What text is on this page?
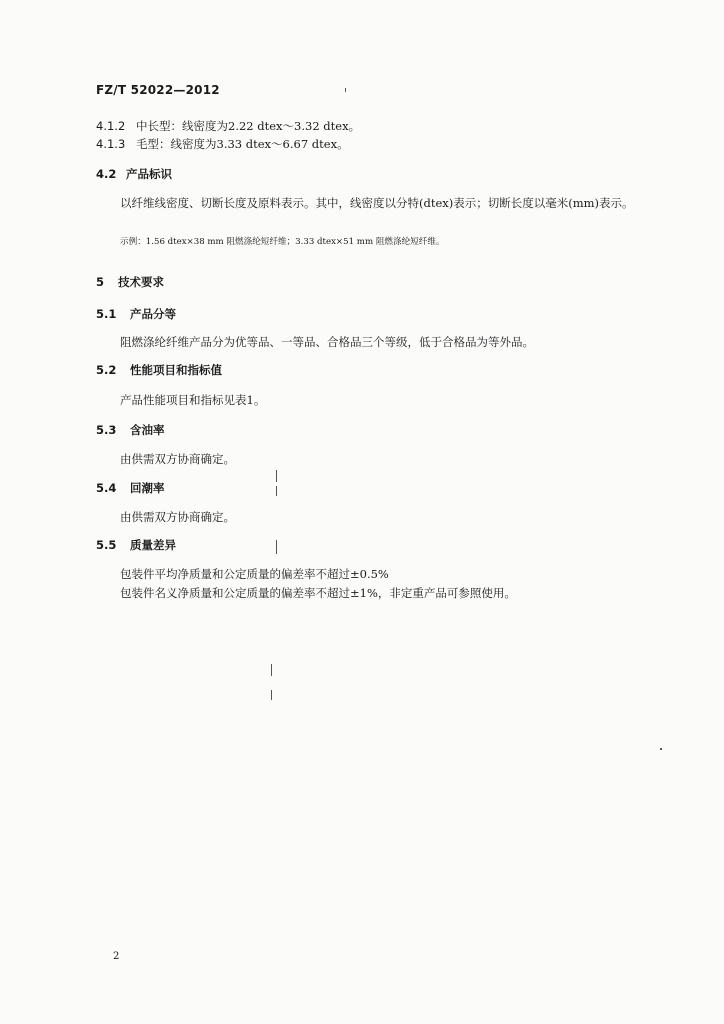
FZ/T 52022—2012
4.1.2 中长型：线密度为2.22 dtex～3.32 dtex。
4.1.3 毛型：线密度为3.33 dtex～6.67 dtex。
4.2 产品标识
以纤维线密度、切断长度及原料表示。其中，线密度以分特(dtex)表示；切断长度以毫米(mm)表示。
示例：1.56 dtex×38 mm 阻燃涤纶短纤维；3.33 dtex×51 mm 阻燃涤纶短纤维。
5 技术要求
5.1 产品分等
阻燃涤纶纤维产品分为优等品、一等品、合格品三个等级，低于合格品为等外品。
5.2 性能项目和指标值
产品性能项目和指标见表1。
5.3 含油率
由供需双方协商确定。
5.4 回潮率
由供需双方协商确定。
5.5 质量差异
包装件平均净质量和公定质量的偏差率不超过±0.5%
包装件名义净质量和公定质量的偏差率不超过±1%，非定重产品可参照使用。
2
